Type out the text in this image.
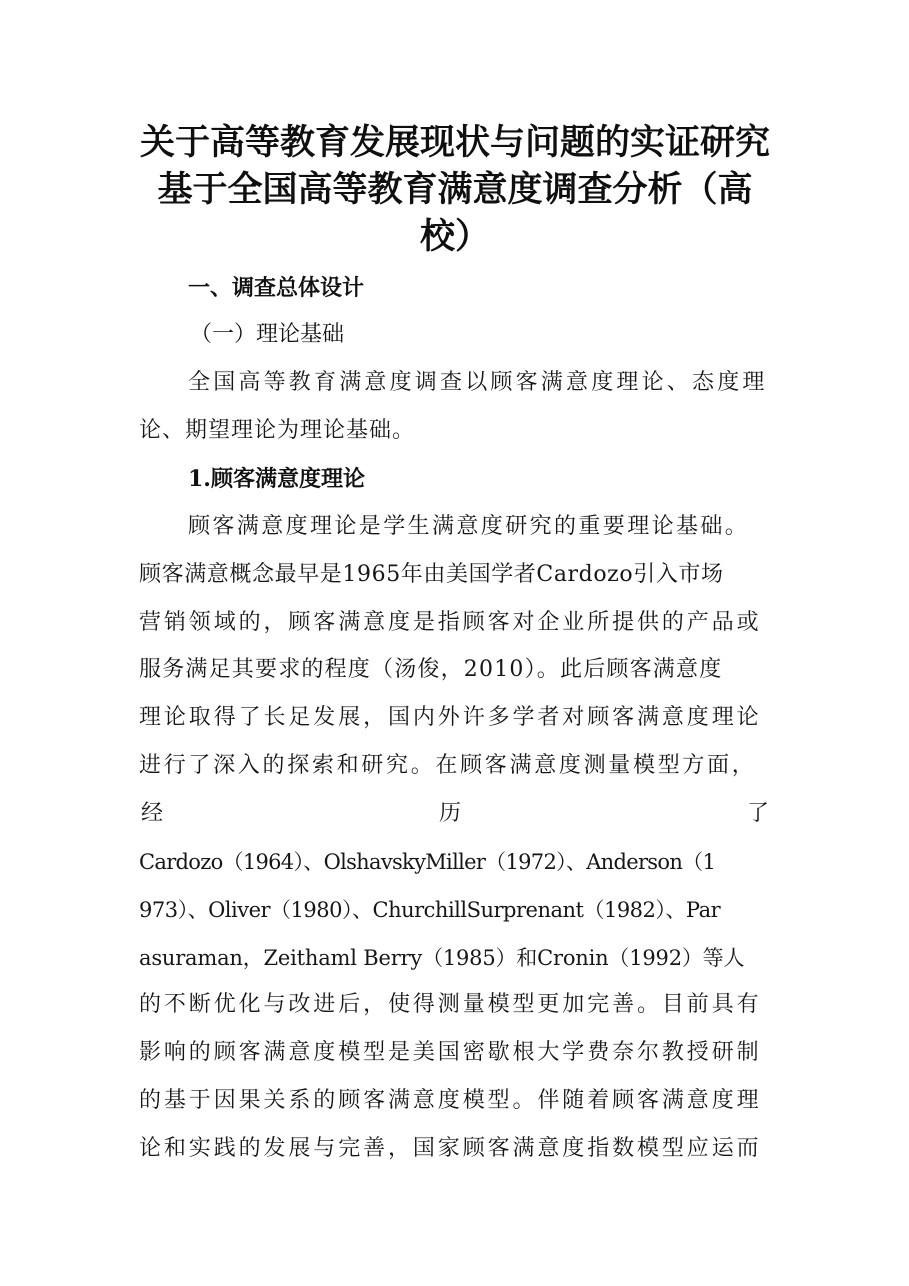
关于高等教育发展现状与问题的实证研究
基于全国高等教育满意度调查分析（高
校）
一、调查总体设计
（一）理论基础
全国高等教育满意度调查以顾客满意度理论、态度理
论、期望理论为理论基础。
1.顾客满意度理论
顾客满意度理论是学生满意度研究的重要理论基础。
顾客满意概念最早是1965年由美国学者Cardozo引入市场
营销领域的，顾客满意度是指顾客对企业所提供的产品或
服务满足其要求的程度（汤俊，2010）。此后顾客满意度
理论取得了长足发展，国内外许多学者对顾客满意度理论
进行了深入的探索和研究。在顾客满意度测量模型方面，
经	历	了
Cardozo（1964）、OlshavskyMiller（1972）、Anderson（1
973）、Oliver（1980）、ChurchillSurprenant（1982）、Par
asuraman，Zeithaml Berry（1985）和Cronin（1992）等人
的不断优化与改进后，使得测量模型更加完善。目前具有
影响的顾客满意度模型是美国密歇根大学费奈尔教授研制
的基于因果关系的顾客满意度模型。伴随着顾客满意度理
论和实践的发展与完善，国家顾客满意度指数模型应运而
